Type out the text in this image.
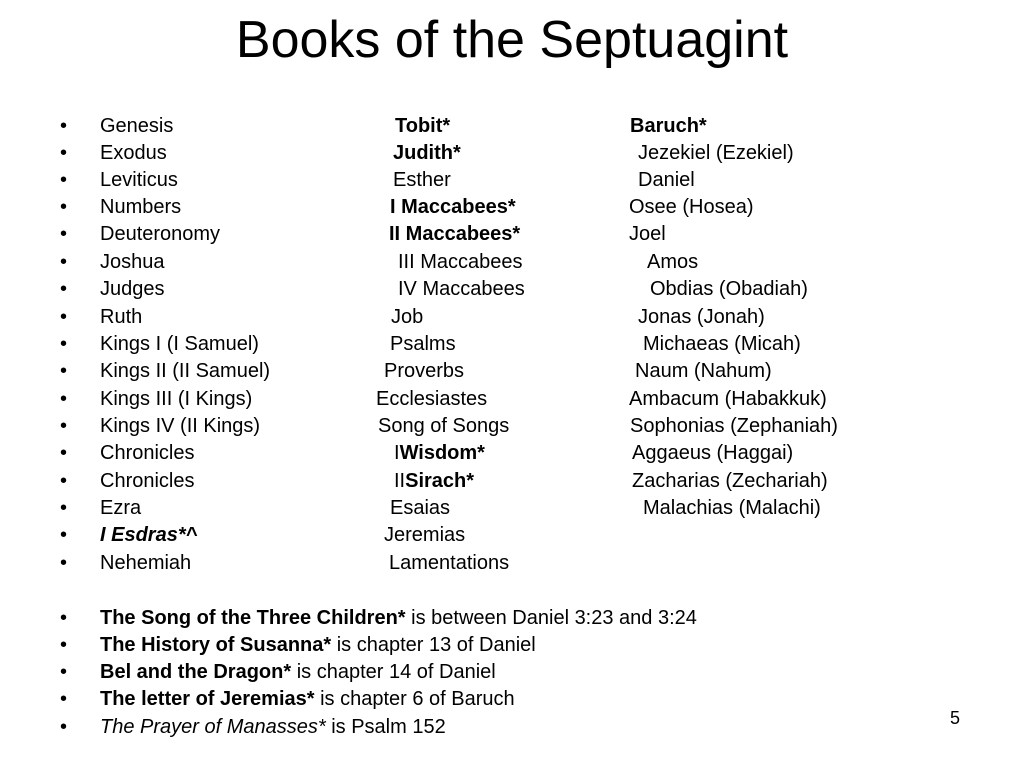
Books of the Septuagint
• Genesis	Tobit*	Baruch*
• Exodus	Judith*	Jezekiel (Ezekiel)
• Leviticus	Esther	Daniel
• Numbers	I Maccabees*	Osee (Hosea)
• Deuteronomy	II Maccabees*	Joel
• Joshua	III Maccabees	Amos
• Judges	IV Maccabees	Obdias (Obadiah)
• Ruth	Job	Jonas (Jonah)
• Kings I (I Samuel)	Psalms	Michaeas (Micah)
• Kings II (II Samuel)	Proverbs	Naum (Nahum)
• Kings III (I Kings)	Ecclesiastes	Ambacum (Habakkuk)
• Kings IV (II Kings)	Song of Songs	Sophonias (Zephaniah)
• Chronicles	IWisdom*	Aggaeus (Haggai)
• Chronicles	IISirach*	Zacharias (Zechariah)
• Ezra	Esaias	Malachias (Malachi)
• I Esdras*^	Jeremias
• Nehemiah	Lamentations
• The Song of the Three Children* is between Daniel 3:23 and 3:24
• The History of Susanna* is chapter 13 of Daniel
• Bel and the Dragon* is chapter 14 of Daniel
• The letter of Jeremias* is chapter 6 of Baruch
• The Prayer of Manasses* is Psalm 152	5
